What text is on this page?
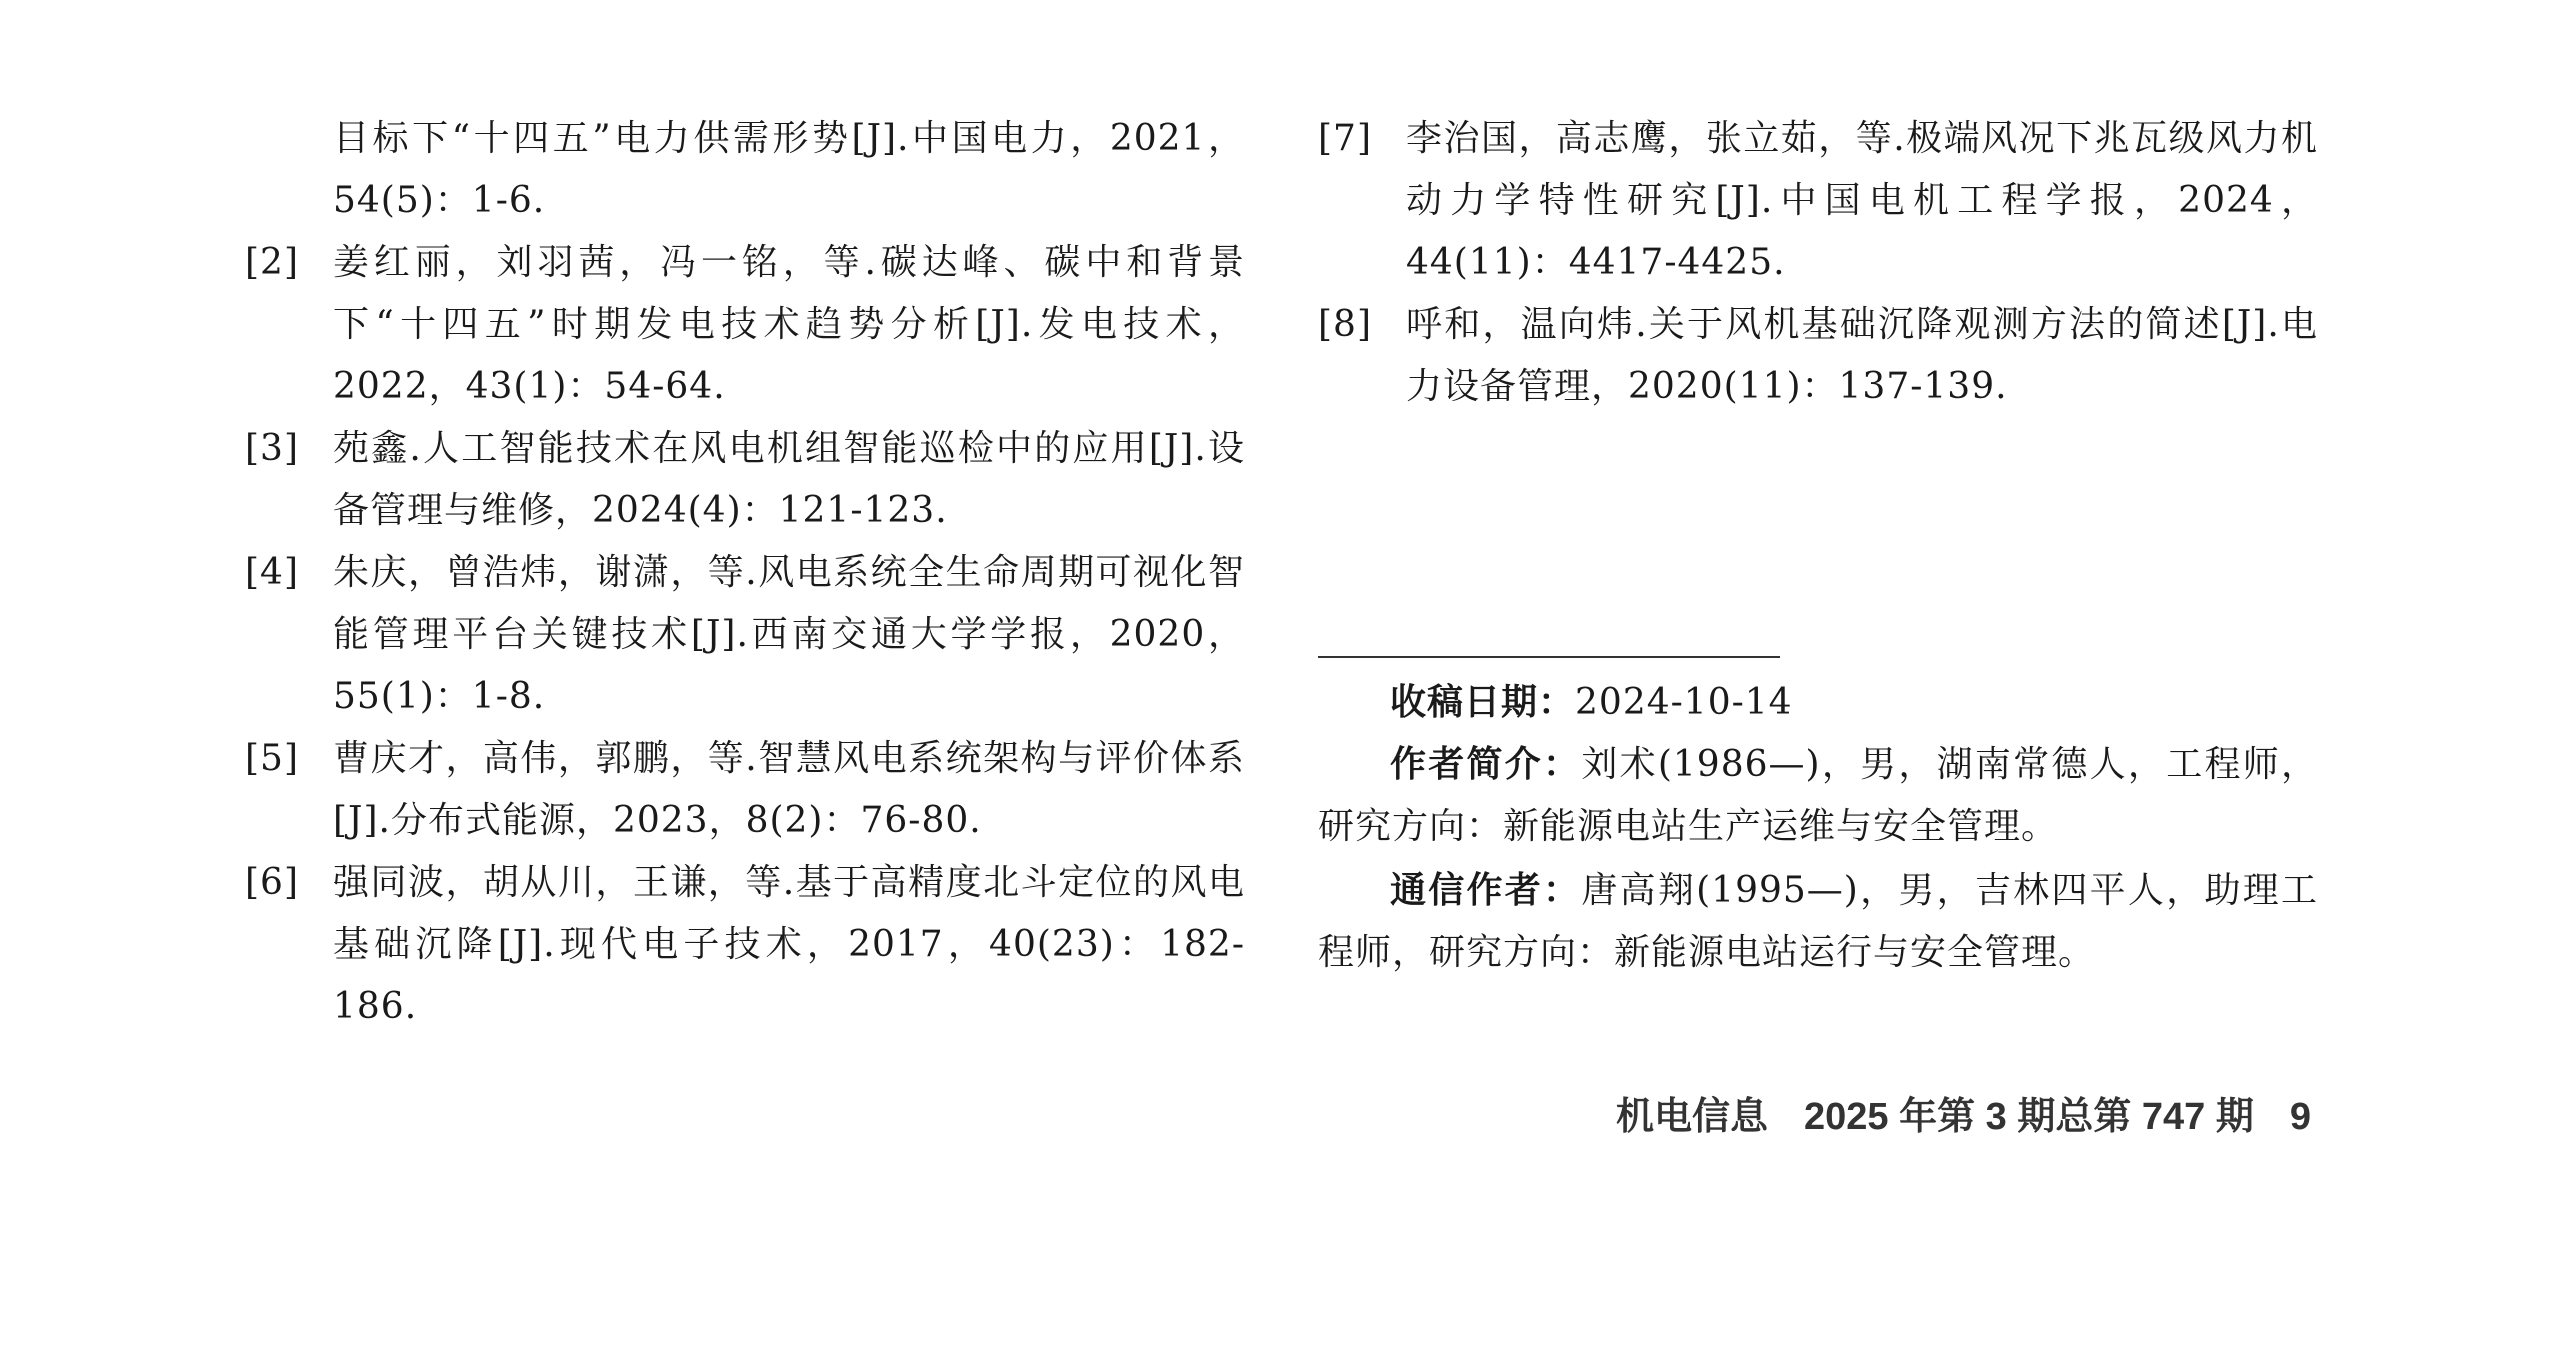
目标下“十四五”电力供需形势[J].中国电力，2021，54(5)：1-6.

[2] 姜红丽，刘羽茜，冯一铭，等.碳达峰、碳中和背景下“十四五”时期发电技术趋势分析[J].发电技术，2022，43(1)：54-64.

[3] 苑鑫.人工智能技术在风电机组智能巡检中的应用[J].设备管理与维修，2024(4)：121-123.

[4] 朱庆，曾浩炜，谢潇，等.风电系统全生命周期可视化智能管理平台关键技术[J].西南交通大学学报，2020，55(1)：1-8.

[5] 曹庆才，高伟，郭鹏，等.智慧风电系统架构与评价体系[J].分布式能源，2023，8(2)：76-80.

[6] 强同波，胡从川，王谦，等.基于高精度北斗定位的风电基础沉降[J].现代电子技术，2017，40(23)：182-186.

[7] 李治国，高志鹰，张立茹，等.极端风况下兆瓦级风力机动力学特性研究[J].中国电机工程学报，2024，44(11)：4417-4425.

[8] 呼和，温向炜.关于风机基础沉降观测方法的简述[J].电力设备管理，2020(11)：137-139.

收稿日期：2024-10-14
作者简介：刘术(1986—)，男，湖南常德人，工程师，研究方向：新能源电站生产运维与安全管理。
通信作者：唐高翔(1995—)，男，吉林四平人，助理工程师，研究方向：新能源电站运行与安全管理。
机电信息 2025 年第 3 期总第 747 期 9
